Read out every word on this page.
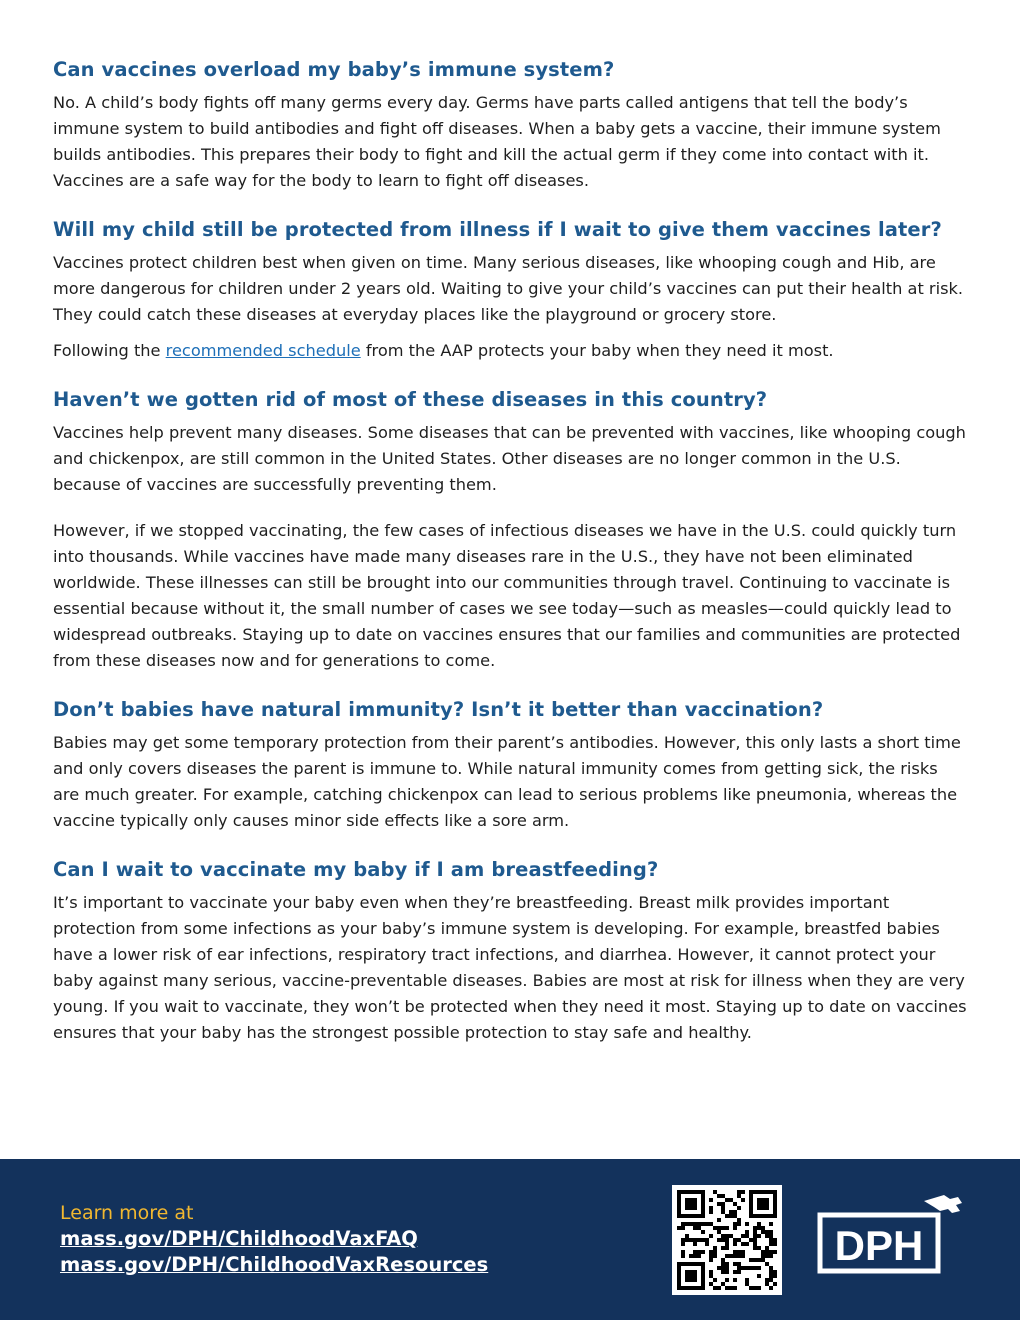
Can vaccines overload my baby’s immune system?

No. A child’s body fights off many germs every day. Germs have parts called antigens that tell the body’s immune system to build antibodies and fight off diseases. When a baby gets a vaccine, their immune system builds antibodies. This prepares their body to fight and kill the actual germ if they come into contact with it. Vaccines are a safe way for the body to learn to fight off diseases.

Will my child still be protected from illness if I wait to give them vaccines later?

Vaccines protect children best when given on time. Many serious diseases, like whooping cough and Hib, are more dangerous for children under 2 years old. Waiting to give your child’s vaccines can put their health at risk. They could catch these diseases at everyday places like the playground or grocery store.

Following the recommended schedule from the AAP protects your baby when they need it most.

Haven’t we gotten rid of most of these diseases in this country?

Vaccines help prevent many diseases. Some diseases that can be prevented with vaccines, like whooping cough and chickenpox, are still common in the United States. Other diseases are no longer common in the U.S. because of vaccines are successfully preventing them.

However, if we stopped vaccinating, the few cases of infectious diseases we have in the U.S. could quickly turn into thousands. While vaccines have made many diseases rare in the U.S., they have not been eliminated worldwide. These illnesses can still be brought into our communities through travel. Continuing to vaccinate is essential because without it, the small number of cases we see today—such as measles—could quickly lead to widespread outbreaks. Staying up to date on vaccines ensures that our families and communities are protected from these diseases now and for generations to come.

Don’t babies have natural immunity? Isn’t it better than vaccination?

Babies may get some temporary protection from their parent’s antibodies. However, this only lasts a short time and only covers diseases the parent is immune to. While natural immunity comes from getting sick, the risks are much greater. For example, catching chickenpox can lead to serious problems like pneumonia, whereas the vaccine typically only causes minor side effects like a sore arm.

Can I wait to vaccinate my baby if I am breastfeeding?

It’s important to vaccinate your baby even when they’re breastfeeding. Breast milk provides important protection from some infections as your baby’s immune system is developing. For example, breastfed babies have a lower risk of ear infections, respiratory tract infections, and diarrhea. However, it cannot protect your baby against many serious, vaccine-preventable diseases. Babies are most at risk for illness when they are very young. If you wait to vaccinate, they won’t be protected when they need it most. Staying up to date on vaccines ensures that your baby has the strongest possible protection to stay safe and healthy.

Learn more at
mass.gov/DPH/ChildhoodVaxFAQ
mass.gov/DPH/ChildhoodVaxResources	DPH
